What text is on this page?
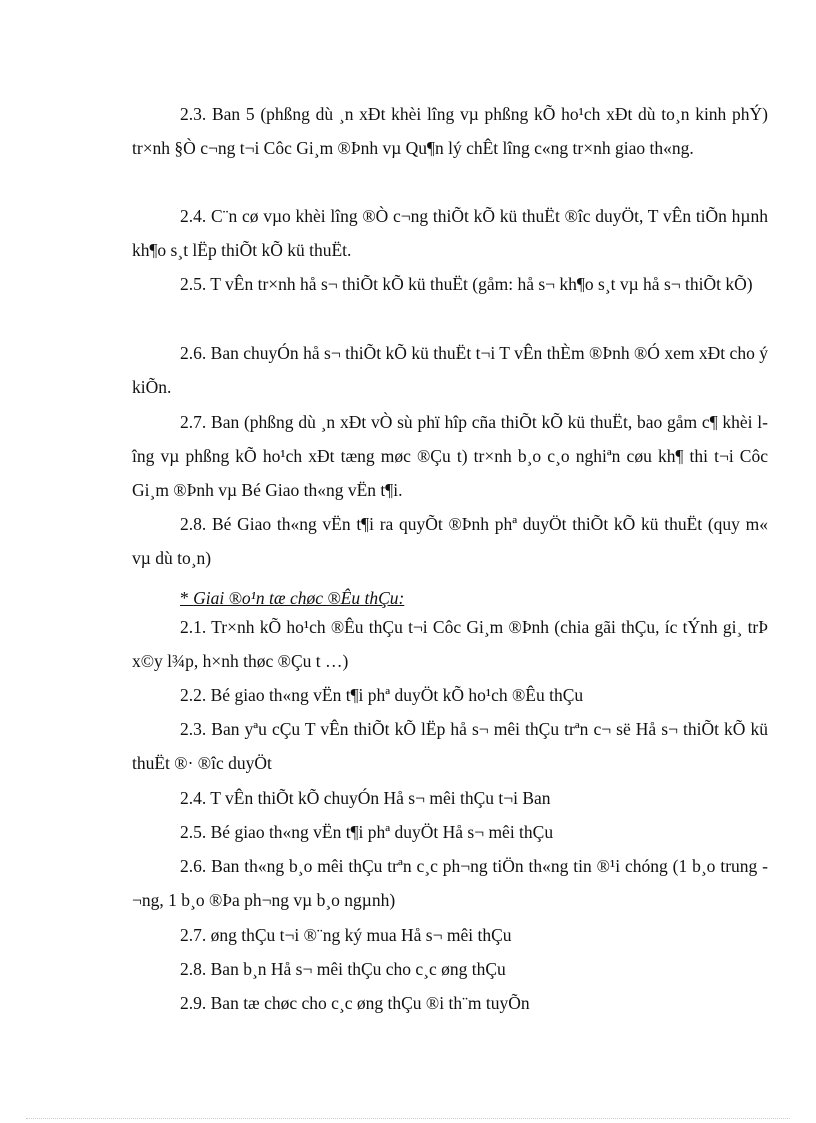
2.3. Ban 5 (phßng dù ¸n xÐt khèi lîng vµ phßng kÕ ho¹ch xÐt dù to¸n kinh phÝ) tr×nh §Ò c¬ng t¬i Côc Gi¸m ®Þnh vµ Qu¶n lý chÊt lîng c«ng tr×nh giao th«ng.

2.4. C¨n cø vµo khèi lîng ®Ò c¬ng thiÕt kÕ kü thuËt ®îc duyÖt, T vÊn tiÕn hµnh kh¶o s¸t lËp thiÕt kÕ kü thuËt.

2.5. T vÊn tr×nh hå s¬ thiÕt kÕ kü thuËt (gåm: hå s¬ kh¶o s¸t vµ hå s¬ thiÕt kÕ)

2.6. Ban chuyÓn hå s¬ thiÕt kÕ kü thuËt t¬i T vÊn thÈm ®Þnh ®Ó xem xÐt cho ý kiÕn.

2.7. Ban (phßng dù ¸n xÐt vÒ sù phï hîp cña thiÕt kÕ kü thuËt, bao gåm c¶ khèi lîng vµ phßng kÕ ho¹ch xÐt tæng møc ®Çu t) tr×nh b¸o c¸o nghiªn cøu kh¶ thi t¬i Côc Gi¸m ®Þnh vµ Bé Giao th«ng vËn t¶i.

2.8. Bé Giao th«ng vËn t¶i ra quyÕt ®Þnh phª duyÖt thiÕt kÕ kü thuËt (quy m« vµ dù to¸n)

* Giai ®o¹n tæ chøc ®Êu thÇu:

2.1. Tr×nh kÕ ho¹ch ®Êu thÇu t¬i Côc Gi¸m ®Þnh (chia gãi thÇu, íc tÝnh gi¸ trÞ x©y l¾p, h×nh thøc ®Çu t …)

2.2. Bé giao th«ng vËn t¶i phª duyÖt kÕ ho¹ch ®Êu thÇu

2.3. Ban yªu cÇu T vÊn thiÕt kÕ lËp hå s¬ mêi thÇu trªn c¬ së Hå s¬ thiÕt kÕ kü thuËt ®· ®îc duyÖt

2.4. T vÊn thiÕt kÕ chuyÓn Hå s¬ mêi thÇu t¬i Ban

2.5. Bé giao th«ng vËn t¶i phª duyÖt Hå s¬ mêi thÇu

2.6. Ban th«ng b¸o mêi thÇu trªn c¸c ph¬ng tiÖn th«ng tin ®¹i chóng (1 b¸o trung ¬ng, 1 b¸o ®Þa ph¬ng vµ b¸o ngµnh)

2.7. øng thÇu t¬i ®¨ng ký mua Hå s¬ mêi thÇu

2.8. Ban b¸n Hå s¬ mêi thÇu cho c¸c øng thÇu

2.9. Ban tæ chøc cho c¸c øng thÇu ®i th¨m tuyÕn
